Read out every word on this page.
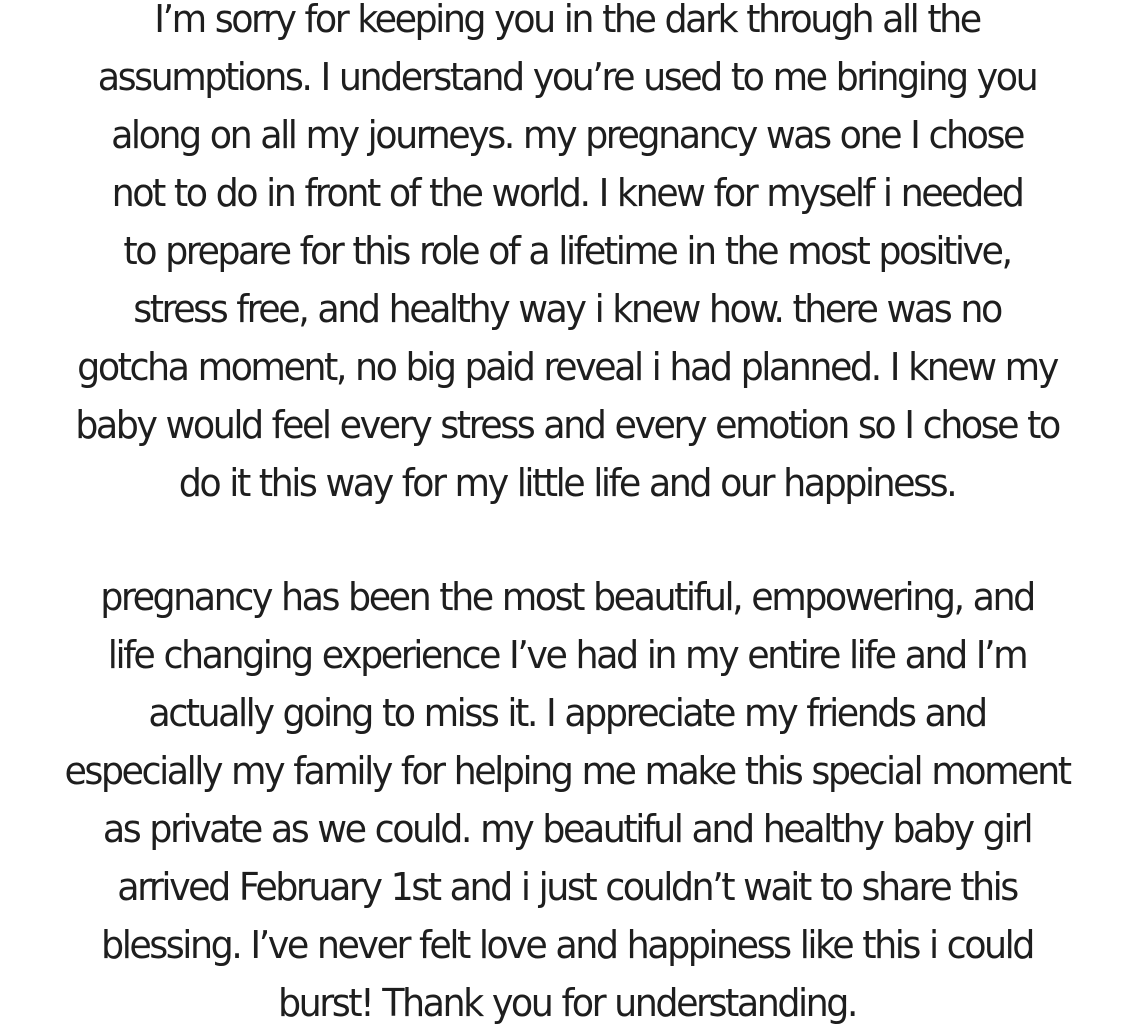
I’m sorry for keeping you in the dark through all the
assumptions. I understand you’re used to me bringing you
along on all my journeys. my pregnancy was one I chose
not to do in front of the world. I knew for myself i needed
to prepare for this role of a lifetime in the most positive,
stress free, and healthy way i knew how. there was no
gotcha moment, no big paid reveal i had planned. I knew my
baby would feel every stress and every emotion so I chose to
do it this way for my little life and our happiness.
pregnancy has been the most beautiful, empowering, and
life changing experience I’ve had in my entire life and I’m
actually going to miss it. I appreciate my friends and
especially my family for helping me make this special moment
as private as we could. my beautiful and healthy baby girl
arrived February 1st and i just couldn’t wait to share this
blessing. I’ve never felt love and happiness like this i could
burst! Thank you for understanding.
